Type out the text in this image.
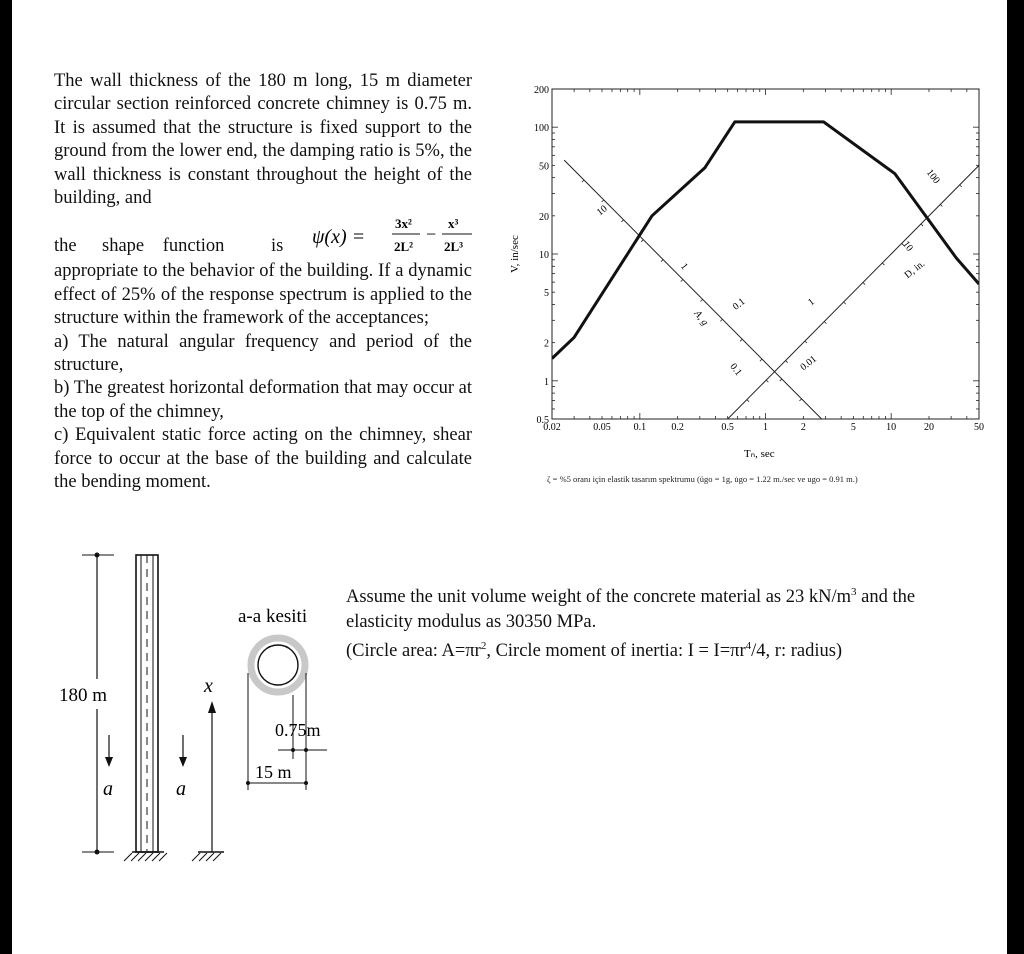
The wall thickness of the 180 m long, 15 m diameter circular section reinforced concrete chimney is 0.75 m. It is assumed that the structure is fixed support to the ground from the lower end, the damping ratio is 5%, the wall thickness is constant throughout the height of the building, and

the shape function	is ψ(x) =
3x²
2L²
−
x³
2L³

appropriate to the behavior of the building. If a dynamic effect of 25% of the response spectrum is applied to the structure within the framework of the acceptances;

a) The natural angular frequency and period of the structure,

b) The greatest horizontal deformation that may occur at the top of the chimney,

c) Equivalent static force acting on the chimney, shear force to occur at the base of the building and calculate the bending moment.

0.02	0.05 0.1	0.2	0.5	1	2	5	10	20	50
0.5
1
2
5
10
20
50
100
200
V, in/sec
10
1
A, g
0.1
0.1
0.01
1
D, in.
10
100
Tₙ, sec
ζ = %5 oranı için elastik tasarım spektrumu (ügo = 1g, u̇go = 1.22 m./sec ve ugo = 0.91 m.)
180 m
a	a
x
a-a kesiti
0.75m
15 m

Assume the unit volume weight of the concrete material as 23 $kN/m^3$ and the elasticity modulus as 30350 MPa.

(Circle area: $A=\pi r^2$, Circle moment of inertia: $I = I=\pi r^4/4$, r: radius)
